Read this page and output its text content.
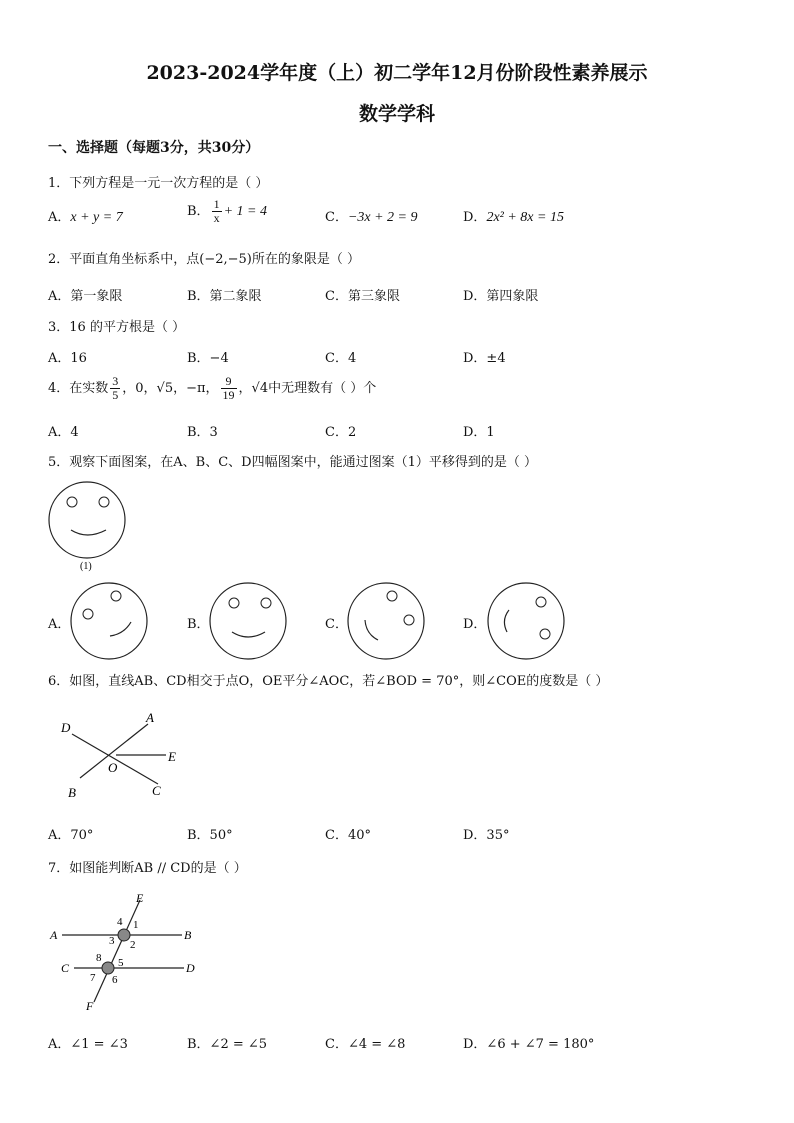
2023-2024学年度（上）初二学年12月份阶段性素养展示
数学学科
一、选择题（每题3分，共30分）
1．下列方程是一元一次方程的是（ ）
A．x + y = 7	B． $\frac{1}{x} + 1 = 4$	C．−3x + 2 = 9	D．2x² + 8x = 15
2．平面直角坐标系中，点(−2,−5)所在的象限是（ ）
A．第一象限	B．第二象限	C．第三象限	D．第四象限
3．16 的平方根是（ ）
A．16	B．−4	C．4	D．±4
4．在实数 $\frac{3}{5}$ ，0，√5，−π， $\frac{9}{19}$ ，√4中无理数有（ ）个
A．4	B．3	C．2	D．1
5．观察下面图案，在A、B、C、D四幅图案中，能通过图案（1）平移得到的是（ ）
(1)
A．	B．	C．	D．
6．如图，直线AB、CD相交于点O，OE平分∠AOC，若∠BOD = 70°，则∠COE的度数是（ ）
D
A
E
O
B	C
A．70°	B．50°	C．40°	D．35°
7．如图能判断AB // CD的是（ ）
A	B
C	D
E
F
1
2
3
4
5
6
7
8
A．∠1 = ∠3	B．∠2 = ∠5	C．∠4 = ∠8	D．∠6 + ∠7 = 180°
